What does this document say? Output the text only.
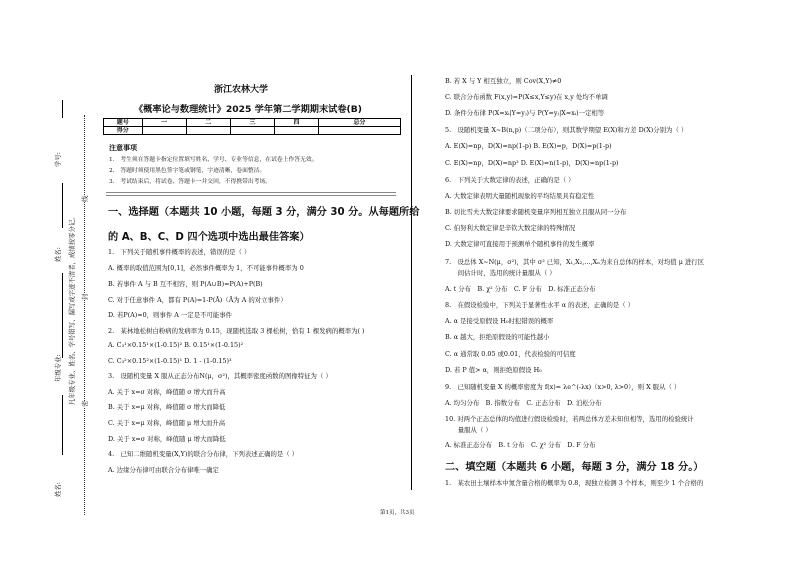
学号:
姓名:
年级专业:
姓名:
凡年级专业、姓名、学号错写、漏写或字迹不清者，成绩按零分记。 密
封
线
浙江农林大学
《概率论与数理统计》2025 学年第二学期期末试卷(B)
题号	一	二	三	四	总分
得分					
注意事项
1.　考生须在答题卡指定位置填写姓名、学号、专业等信息，在试卷上作答无效。
2.　答题时须使用黑色签字笔或钢笔，字迹清晰，卷面整洁。
3.　考试结束后，将试卷、答题卡一并交回，不得携带出考场。
一、选择题（本题共 10 小题，每题 3 分，满分 30 分。从每题所给
的 A、B、C、D 四个选项中选出最佳答案）
1.　下列关于随机事件概率的表述，错误的是（ ）
A. 概率的取值范围为[0,1]，必然事件概率为 1，不可能事件概率为 0
B. 若事件 A 与 B 互不相容，则 P(A∪B)=P(A)+P(B)
C. 对于任意事件 A，都有 P(A)=1-P(Ā)（Ā为 A 的对立事件）
D. 若P(A)=0，则事件 A 一定是不可能事件
2.　某林地松树白粉病的发病率为 0.15，现随机选取 3 棵松树，恰有 1 棵发病的概率为( )
A. C₃¹×0.15¹×(1-0.15)² B. 0.15¹×(1-0.15)²
C. C₃²×0.15²×(1-0.15)¹ D. 1 - (1-0.15)³
3.　设随机变量 X 服从正态分布N(μ，σ²)，其概率密度函数的图像特征为（ ）
A. 关于 x=σ 对称，峰值随 σ 增大而升高
B. 关于 x=μ 对称，峰值随 σ 增大而降低
C. 关于 x=μ 对称，峰值随 μ 增大而升高
D. 关于 x=σ 对称，峰值随 μ 增大而降低
4.　已知二维随机变量(X,Y)的联合分布律，下列表述正确的是（ ）
A. 边缘分布律可由联合分布律唯一确定
B. 若 X 与 Y 相互独立，则 Cov(X,Y)≠0
C. 联合分布函数 F(x,y)=P(X≤x,Y≤y)在 x,y 处均不单调
D. 条件分布律 P(X=xᵢ|Y=yⱼ)与 P(Y=yⱼ|X=xᵢ)一定相等
5.　设随机变量 X~B(n,p)（二项分布），则其数学期望 E(X)和方差 D(X)分别为（ ）
A. E(X)=np，D(X)=np(1-p) B. E(X)=p，D(X)=p(1-p)
C. E(X)=np，D(X)=np² D. E(X)=n(1-p)，D(X)=np(1-p)
6.　下列关于大数定律的表述，正确的是（ ）
A. 大数定律表明大量随机现象的平均结果具有稳定性
B. 切比雪夫大数定律要求随机变量序列相互独立且服从同一分布
C. 伯努利大数定律是辛钦大数定律的特殊情况
D. 大数定律可直接用于预测单个随机事件的发生概率
7.　设总体 X~N(μ，σ²)，其中 σ² 已知，X₁,X₂,…,Xₙ为来自总体的样本，对均值 μ 进行区
　　间估计时，选用的统计量服从（ ）
A. t 分布　B. χ² 分布　C. F 分布　D. 标准正态分布
8.　在假设检验中，下列关于显著性水平 α 的表述，正确的是（ ）
A. α 是接受原假设 H₀时犯错误的概率
B. α 越大，拒绝原假设的可能性越小
C. α 通常取 0.05 或0.01，代表检验的可信度
D. 若 P 值> α，则拒绝原假设 H₀
9.　已知随机变量 X 的概率密度为 f(x)= λe^(-λx)（x>0, λ>0），则 X 服从（ ）
A. 均匀分布　B. 指数分布　C. 正态分布　D. 泊松分布
10. 对两个正态总体的均值进行假设检验时，若两总体方差未知但相等，选用的检验统计
　　量服从（ ）
A. 标准正态分布　B. t 分布　C. χ² 分布　D. F 分布
二、填空题（本题共 6 小题，每题 3 分，满分 18 分。）
1.　某农田土壤样本中氮含量合格的概率为 0.8，现独立检测 3 个样本，则至少 1 个合格的
第1页，共3页
